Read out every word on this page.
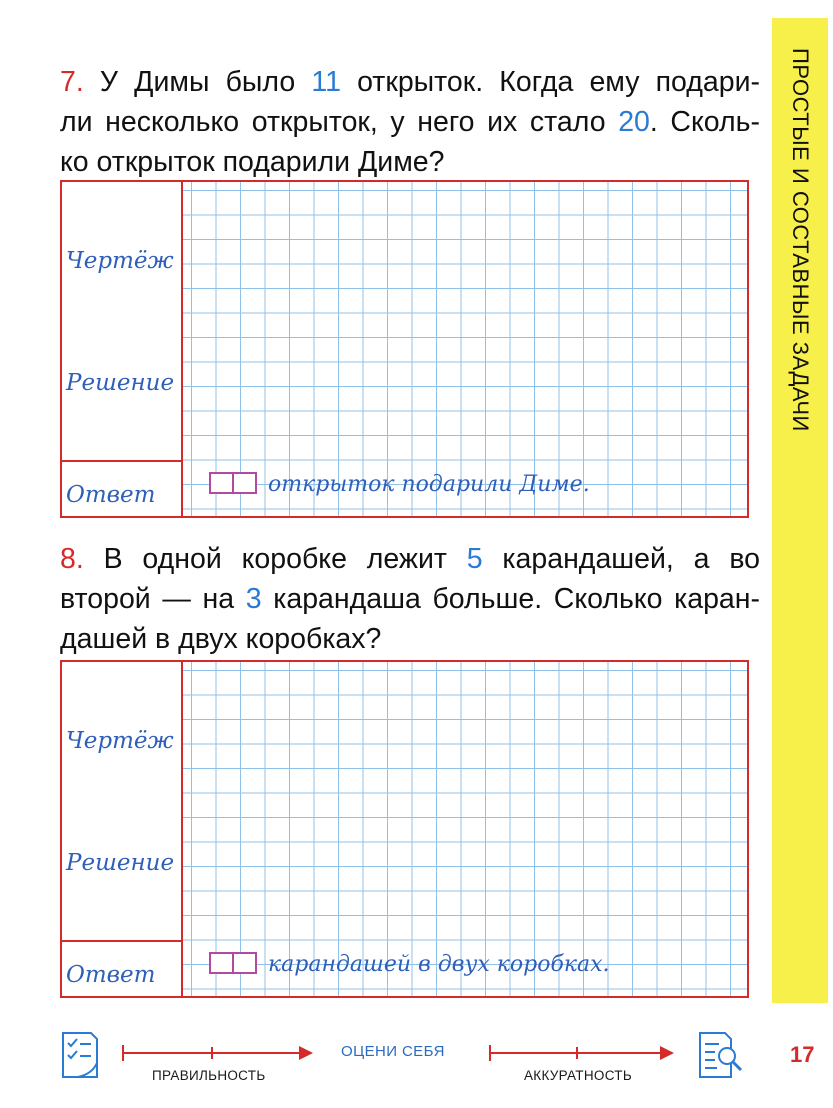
ПРОСТЫЕ И СОСТАВНЫЕ ЗАДАЧИ
7. У Димы было 11 открыток. Когда ему подари-
ли несколько открыток, у него их стало 20. Сколь-
ко открыток подарили Диме?
Чертёж
Решение
Ответ	открыток подарили Диме.
8. В одной коробке лежит 5 карандашей, а во
второй — на 3 карандаша больше. Сколько каран-
дашей в двух коробках?
Чертёж
Решение
Ответ	карандашей в двух коробках.
ПРАВИЛЬНОСТЬ
ОЦЕНИ СЕБЯ
АККУРАТНОСТЬ
17
